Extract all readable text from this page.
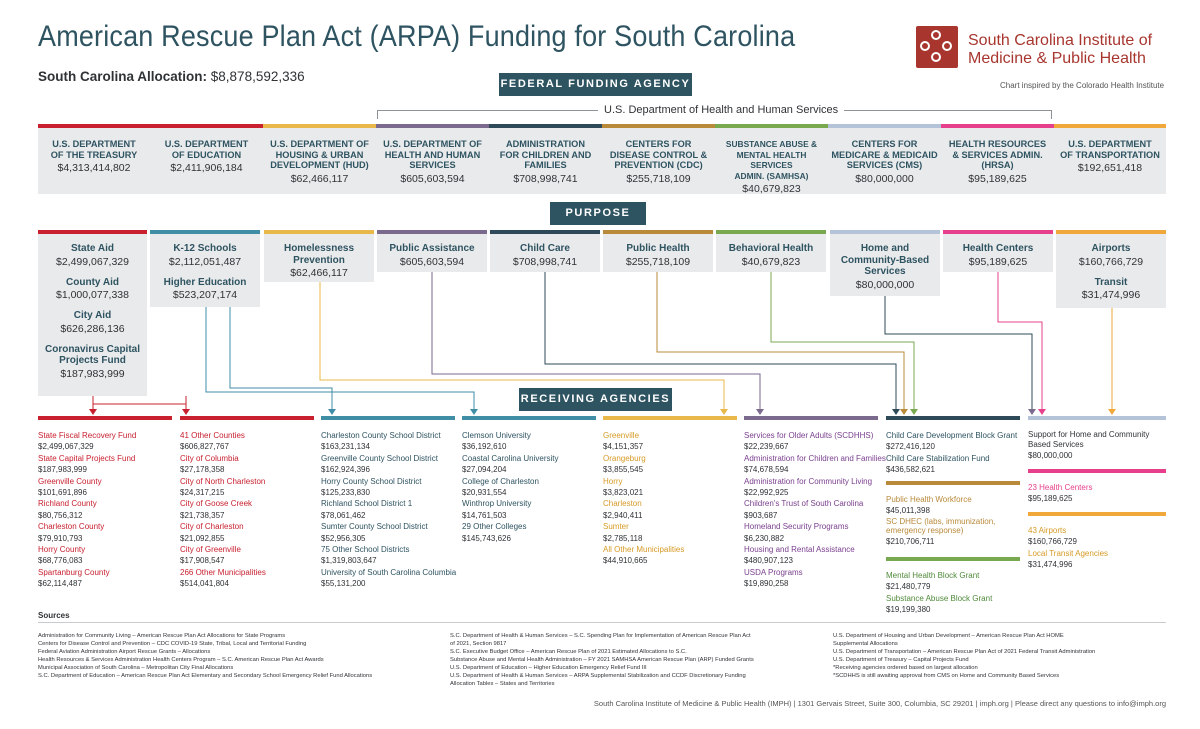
American Rescue Plan Act (ARPA) Funding for South Carolina
South Carolina Allocation: $8,878,592,336
South Carolina Institute of
Medicine & Public Health
Chart inspired by the Colorado Health Institute
FEDERAL FUNDING AGENCY
U.S. Department of Health and Human Services
U.S. DEPARTMENT
OF THE TREASURY
$4,313,414,802
U.S. DEPARTMENT
OF EDUCATION
$2,411,906,184
U.S. DEPARTMENT OF
HOUSING & URBAN
DEVELOPMENT (HUD)
$62,466,117
U.S. DEPARTMENT OF
HEALTH AND HUMAN
SERVICES
$605,603,594
ADMINISTRATION
FOR CHILDREN AND
FAMILIES
$708,998,741
CENTERS FOR
DISEASE CONTROL &
PREVENTION (CDC)
$255,718,109
SUBSTANCE ABUSE &
MENTAL HEALTH SERVICES
ADMIN. (SAMHSA)
$40,679,823
CENTERS FOR
MEDICARE & MEDICAID
SERVICES (CMS)
$80,000,000
HEALTH RESOURCES
& SERVICES ADMIN.
(HRSA)
$95,189,625
U.S. DEPARTMENT
OF TRANSPORTATION
$192,651,418
PURPOSE
State Aid
$2,499,067,329
County Aid
$1,000,077,338
City Aid
$626,286,136
Coronavirus Capital
Projects Fund
$187,983,999
K-12 Schools
$2,112,051,487
Higher Education
$523,207,174
Homelessness
Prevention
$62,466,117
Public Assistance
$605,603,594
Child Care
$708,998,741
Public Health
$255,718,109
Behavioral Health
$40,679,823
Home and
Community-Based
Services
$80,000,000
Health Centers
$95,189,625
Airports
$160,766,729
Transit
$31,474,996
RECEIVING AGENCIES
State Fiscal Recovery Fund
$2,499,067,329
State Capital Projects Fund
$187,983,999
Greenville County
$101,691,896
Richland County
$80,756,312
Charleston County
$79,910,793
Horry County
$68,776,083
Spartanburg County
$62,114,487
41 Other Counties
$606,827,767
City of Columbia
$27,178,358
City of North Charleston
$24,317,215
City of Goose Creek
$21,738,357
City of Charleston
$21,092,855
City of Greenville
$17,908,547
266 Other Municipalities
$514,041,804
Charleston County School District
$163,231,134
Greenville County School District
$162,924,396
Horry County School District
$125,233,830
Richland School District 1
$78,061,462
Sumter County School District
$52,956,305
75 Other School Districts
$1,319,803,647
University of South Carolina Columbia
$55,131,200
Clemson University
$36,192,610
Coastal Carolina University
$27,094,204
College of Charleston
$20,931,554
Winthrop University
$14,761,503
29 Other Colleges
$145,743,626
Greenville
$4,151,357
Orangeburg
$3,855,545
Horry
$3,823,021
Charleston
$2,940,411
Sumter
$2,785,118
All Other Municipalities
$44,910,665
Services for Older Adults (SCDHHS)
$22,239,667
Administration for Children and Families
$74,678,594
Administration for Community Living
$22,992,925
Children's Trust of South Carolina
$903,687
Homeland Security Programs
$6,230,882
Housing and Rental Assistance
$480,907,123
USDA Programs
$19,890,258
Child Care Development Block Grant
$272,416,120
Child Care Stabilization Fund
$436,582,621
Public Health Workforce
$45,011,398
SC DHEC (labs, immunization,
emergency response)
$210,706,711
Mental Health Block Grant
$21,480,779
Substance Abuse Block Grant
$19,199,380
Support for Home and Community
Based Services
$80,000,000
23 Health Centers
$95,189,625
43 Airports
$160,766,729
Local Transit Agencies
$31,474,996
Sources
Administration for Community Living – American Rescue Plan Act Allocations for State Programs
Centers for Disease Control and Prevention – CDC COVID-19 State, Tribal, Local and Territorial Funding
Federal Aviation Administration Airport Rescue Grants – Allocations
Health Resources & Services Administration Health Centers Program – S.C. American Rescue Plan Act Awards
Municipal Association of South Carolina – Metropolitan City Final Allocations
S.C. Department of Education – American Rescue Plan Act Elementary and Secondary School Emergency Relief Fund Allocations
S.C. Department of Health & Human Services – S.C. Spending Plan for Implementation of American Rescue Plan Act
of 2021, Section 9817
S.C. Executive Budget Office – American Rescue Plan of 2021 Estimated Allocations to S.C.
Substance Abuse and Mental Health Administration – FY 2021 SAMHSA American Rescue Plan (ARP) Funded Grants
U.S. Department of Education – Higher Education Emergency Relief Fund III
U.S. Department of Health & Human Services – ARPA Supplemental Stabilization and CCDF Discretionary Funding
Allocation Tables – States and Territories
U.S. Department of Housing and Urban Development – American Rescue Plan Act HOME
Supplemental Allocations
U.S. Department of Transportation – American Rescue Plan Act of 2021 Federal Transit Administration
U.S. Department of Treasury – Capital Projects Fund
*Receiving agencies ordered based on largest allocation
*SCDHHS is still awaiting approval from CMS on Home and Community Based Services
South Carolina Institute of Medicine & Public Health (IMPH) | 1301 Gervais Street, Suite 300, Columbia, SC 29201 | imph.org | Please direct any questions to info@imph.org
